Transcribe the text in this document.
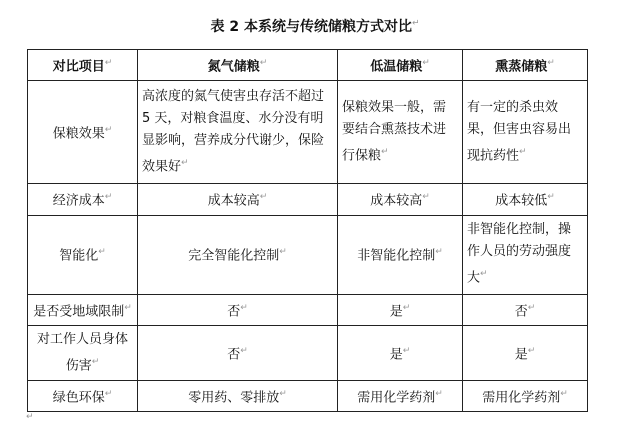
表 2 本系统与传统储粮方式对比↵
对比项目↵	氮气储粮↵	低温储粮↵	熏蒸储粮↵
保粮效果↵	高浓度的氮气使害虫存活不超过 5 天，对粮食温度、水分没有明显影响，营养成分代谢少，保险效果好↵	保粮效果一般，需要结合熏蒸技术进行保粮↵	有一定的杀虫效果，但害虫容易出现抗药性↵
经济成本↵	成本较高↵	成本较高↵	成本较低↵
智能化↵	完全智能化控制↵	非智能化控制↵	非智能化控制，操作人员的劳动强度大↵
是否受地域限制↵	否↵	是↵	否↵
对工作人员身体伤害↵	否↵	是↵	是↵
绿色环保↵	零用药、零排放↵	需用化学药剂↵	需用化学药剂↵
↵
